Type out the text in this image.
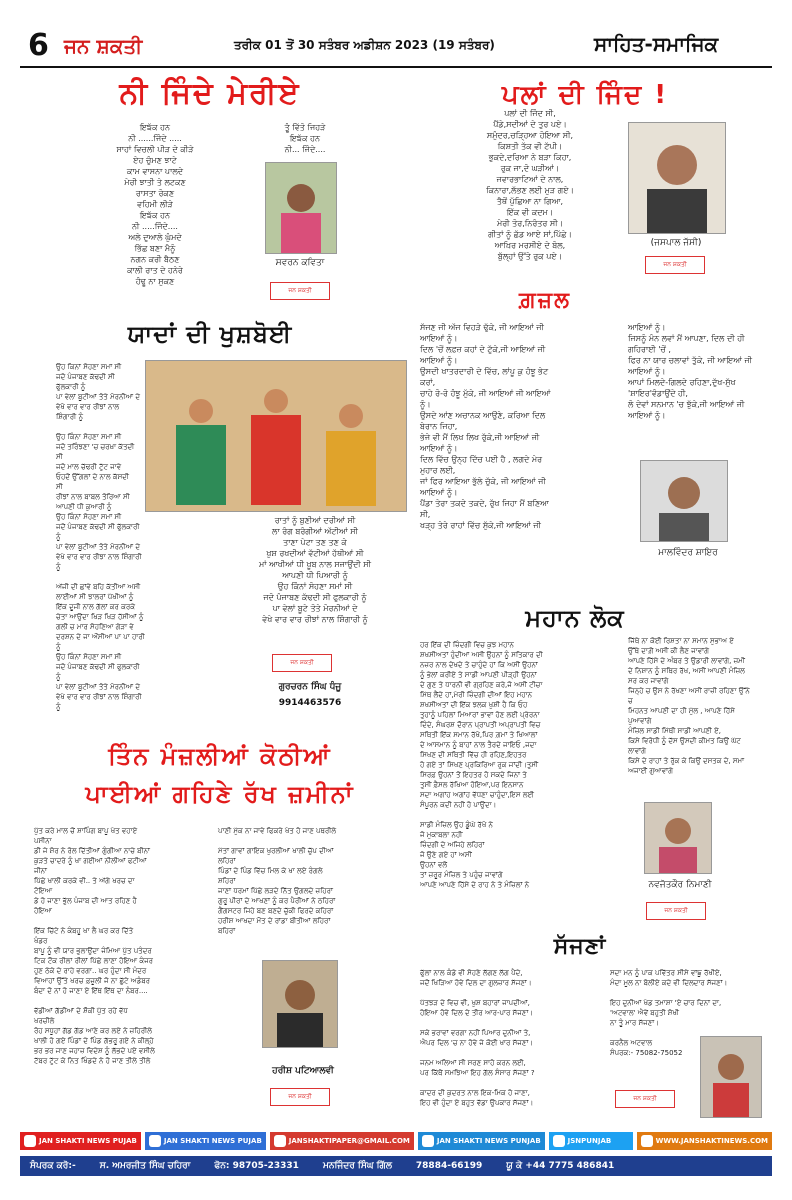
6 ਜਨ ਸ਼ਕਤੀ	ਤਰੀਕ 01 ਤੋਂ 30 ਸਤੰਬਰ ਅਡੀਸ਼ਨ 2023 (19 ਸਤੰਬਰ)	ਸਾਹਿਤ-ਸਮਾਜਿਕ
ਨੀ ਜਿੰਦੇ ਮੇਰੀਏ
ਇਙੱਕ ਹਨ
ਨੀ ......ਜਿੰਦੇ .....
ਸਾਹਾਂ ਵਿਚਲੀ ਪੀੜ ਦੇ ਕੀੜੇ
ਏਹ ਚੁੰਮਣ ਝਾਟੇ
ਕਾਮ ਵਾਸਨਾ ਪਾਲਦੇ
ਮੇਰੀ ਝਾਤੀ ਤੇ ਲਟਕਣ
ਰਾਸਤਾ ਰੋਕਣ
ਵਹਿਮੀ ਲੀੜੇ
ਇਙੱਕ ਹਨ
ਨੀ .....ਜਿੰਦੇ....
ਅਲੇ ਦੁਆਲੇ ਘੁੰਮਦੇ
ਭਿੱਛ ਬਣਾ ਮੈਨੂੰ
ਨਗਨ ਕਰੀ ਬੈਠਣ
ਕਾਲੀ ਰਾਤ ਦੇ ਹਨੇਰੇ
ਹੰਢੂ ਨਾ ਸੁਕਣ
ਤੂੰ ਵਿੱਤੋ ਜਿਹੜੇ
ਇਙੱਕ ਹਨ
ਨੀ... ਜਿੰਦੇ....
ਸਵਰਨ ਕਵਿਤਾ
ਜਨ ਸ਼ਕਤੀ
ਪਲਾਂ ਦੀ ਜਿੰਦ !
ਪਲਾਂ ਦੀ ਜਿੰਦ ਸੀ,
ਪੈਂਡੇ,ਸਦੀਆਂ ਦੇ ਤੁਰ ਪਏ।
ਸਮੁੰਦਰ,ਚੜ੍ਹਿਆ ਹੋਇਆ ਸੀ,
ਕਿਸ਼ਤੀ ਤੱਕ ਵੀ ਟੱਪੀ।
ਭੁਕਦੇ,ਦਰਿਆ ਨੇ ਬੜਾ ਕਿਹਾ,
ਰੁਕ ਜਾ,ਦੋ ਘੜੀਆਂ।
ਜਵਾਰਭਾਟਿਆਂ ਦੇ ਨਾਲ,
ਕਿਨਾਰਾ,ਲੱਭਣ ਲਈ ਮੁੜ ਗਏ।
ਤੈਥੋਂ ਪੁੱਛਿਆ ਨਾ ਗਿਆ,
ਇੱਕ ਵੀ ਕਦਮ।
ਮੇਰੀ ਤੋਰ,ਨਿਰੰਤਰ ਸੀ।
ਗੀਤਾਂ ਨੂੰ ਛੱਡ ਆਏ ਸਾਂ,ਪਿੱਛੇ।
ਆਖ਼ਿਰ ਮਰਸੀਏ ਦੇ ਬੋਲ,
ਬੁੱਲ੍ਹਾਂ ਉੱਤੇ ਰੁਕ ਪਏ।
(ਜਸਪਾਲ ਜੱਸੀ)
ਜਨ ਸ਼ਕਤੀ
ਗ਼ਜ਼ਲ
ਸੱਜਣ ਜੀ ਅੱਜ ਵਿਹੜੇ ਢੁੱਕੇ, ਜੀ ਆਇਆਂ ਜੀ
ਆਇਆਂ ਨੂੰ।
ਦਿਲ 'ਚੋਂ ਲਫ਼ਜ਼ ਕਹਾਂ ਦੇ ਟੁੱਕੇ,ਜੀ ਆਇਆਂ ਜੀ
ਆਇਆਂ ਨੂੰ।
ਉਸਦੀ ਖਾਤਰਦਾਰੀ ਦੇ ਵਿੱਚ, ਲਾਂਪੂ ਕੁ ਹੰਝੂ ਭੇਟ
ਕਰਾਂ,
ਚਾਹੇ ਰੋ-ਰੋ ਹੰਝੂ ਮੁੱਕੇ, ਜੀ ਆਇਆਂ ਜੀ ਆਇਆਂ
ਨੂੰ।
ਉਸਦੇ ਆਂਣ ਅਚਾਨਕ ਆਉਣੇ, ਕਰਿਆ ਦਿਲ
ਬੇਰਾਨ ਜਿਹਾ,
ਭੇਜੇ ਵੀ ਮੈਂ ਲਿਖ ਲਿਖ ਰੁੱਕੇ,ਜੀ ਆਇਆਂ ਜੀ
ਆਇਆਂ ਨੂੰ।
ਦਿਲ ਵਿੱਚ ਉਨ੍ਹ ਦਿੱਚ ਪਈ ਹੈ , ਲਗਦੇ ਮੇਰ
ਮੁਹਾਰ ਲਈ,
ਜਾਂ ਫਿਰ ਆਇਆ ਭੁੱਲੇ ਚੁੱਕੇ, ਜੀ ਆਇਆਂ ਜੀ
ਆਇਆਂ ਨੂੰ।
ਪੈਂਡਾ ਤੇਰਾ ਤਕਦੇ ਤਕਦੇ, ਰੁੱਖ ਜਿਹਾ ਮੈਂ ਬਣਿਆ
ਸੀ,
ਖੜ੍ਹ ਤੇਰੇ ਰਾਹਾਂ ਵਿੱਚ ਸੁੱਕੇ,ਜੀ ਆਇਆਂ ਜੀ
ਆਇਆਂ ਨੂੰ।
ਜਿਸਨੂੰ ਮੰਨ ਲਵਾਂ ਮੈਂ ਆਪਣਾ, ਦਿਲ ਦੀ ਹੀ
ਗਹਿਰਾਈ 'ਚੋਂ ,
ਫਿਰ ਨਾ ਯਾਰ ਚਲਾਵਾਂ ਤੁੱਕੇ, ਜੀ ਆਇਆਂ ਜੀ
ਆਇਆਂ ਨੂੰ।
ਆਪਾਂ ਮਿਲਦੇ-ਗਿਲਦੇ ਰਹਿਣਾ,ਦੁੱਖ-ਸੁੱਖ
'ਸ਼ਾਇਰ'ਵੰਡਾਉਂਦੇ ਹੀ,
ਲੋ ਦੇਵਾਂ ਸਨਮਾਨ 'ਚ ਝੁੱਕੇ,ਜੀ ਆਇਆਂ ਜੀ
ਆਇਆਂ ਨੂੰ।
ਮਾਲਵਿੰਦਰ ਸ਼ਾਇਰ
ਯਾਦਾਂ ਦੀ ਖੁਸ਼ਬੋਈ
ਉਹ ਕਿਨਾਂ ਸੋਹਣਾ ਸਮਾਂ ਸੀ
ਜਦੋ ਪੰਜਾਬਣ ਕੱਢਦੀ ਸੀ
ਫੁੱਲਕਾਰੀ ਨੂੰ
ਪਾ ਵੇਲਾਂ ਬੂਟੀਆਂ ਤੋਤੇ ਮੋਰਨੀਆਂ ਦੇ
ਵੇਖੋ ਵਾਰ ਵਾਰ ਰੀਝਾਂ ਨਾਲ
ਸ਼ਿੰਗਾਰੀ ਨੂੰ

ਉਹ ਕਿੰਨਾ ਸੋਹਣਾ ਸਮਾਂ ਸੀ
ਜਦੋ ਤਰਿੰਝਣਾ 'ਚ ਚਰਖ਼ਾ ਕੱਤਦੀ
ਸੀ
ਜਦੋ ਮਾਲ ਚੱਢਰੀ ਟੁੱਟ ਜਾਵੇ
ਓਹਦੋਂ ਉੱਗਲਾਂ ਦੇ ਨਾਲ ਕੱਸਦੀ
ਸੀ
ਰੀਝਾਂ ਨਾਲ ਬਾਬਲ ਤੋਰਿਆ ਸੀ
ਆਪਣੀ ਧੀ ਕੁਆਰੀ ਨੂੰ
ਉਹ ਕਿੰਨਾਂ ਸੋਹਣਾ ਸਮਾਂ ਸੀ
ਜਦੋਂ ਪੰਜਾਬਣ ਕੱਢਦੀ ਸੀ ਫੁੱਲਕਾਰੀ ਨੂੰ
ਪਾ ਵੇਲਾਂ ਬੂਟੀਆਂ ਤੋਤੇ ਮੋਰਨੀਆਂ ਦੇ
ਵੇਖੇ ਵਾਰ ਵਾਰ ਰੀਝਾ ਨਾਲ ਸ਼ਿੰਗਾਰੀ ਨੂੰ

ਅੱਜੀ ਦੀ ਛਾਂਵੇ ਬਹਿ ਕੱਤੀਆਂ ਅਸੀ
ਲਾਈਆਂ ਸੀ ਝਾਲਰਾਂ ਪੱਖੀਆਂ ਨੂੰ
ਇੱਕ ਦੂਜੀ ਨਾਲ ਗੱਲਾਂ ਕਰ ਕਰਕੇ
ਚੇਤਾ ਆਉਂਦਾ ਖਿੜ ਖਿੜ ਹੱਸੀਆਂ ਨੂੰ
ਗਲੀ ਚ ਮਾਰ ਸੋਹਣਿਆ ਗੇੜਾ ਵੇ
ਦਰਸ਼ਨ ਦੇ ਜਾ ਔਸੀਆਂ ਪਾ ਪਾ ਹਾਰੀ ਨੂੰ
ਉਹ ਕਿੰਨਾਂ ਸੋਹਣਾ ਸਮਾਂ ਸੀ
ਜਦੋ ਪੰਜਾਬਣ ਕੱਢਦੀ ਸੀ ਫੁਲਕਾਰੀ ਨੂੰ
ਪਾ ਵੇਲਾਂ ਬੂਟੀਆਂ ਤੋਤੇ ਮੋਰਨੀਆਂ ਦੇ
ਵੇਖੇ ਵਾਰ ਵਾਰ ਰੀਝਾਂ ਨਾਲ ਸ਼ਿੰਗਾਰੀ ਨੂੰ
ਰਾਤਾਂ ਨੂੰ ਬੁਣੀਆਂ ਦਰੀਆਂ ਸੀ
ਲਾ ਰੰਗ ਬਰੰਗੀਆਂ ਅੱਟੀਆਂ ਸੀ
ਤਾਣਾ ਪੇਟਾ ਤਣ ਤਣ ਕੇ
ਖੁਸ਼ ਰਖਦੀਆਂ ਵੱਟੀਆਂ ਹੱਥੀਆਂ ਸੀ
ਮਾਂ ਆਖੀਆਂ ਧੀ ਖੂਬ ਨਾਲ ਸਜਾਉਂਦੀ ਸੀ
ਆਪਣੀ ਧੀ ਪਿਆਰੀ ਨੂੰ
ਉਹ ਕਿੰਨਾਂ ਸੋਹਣਾ ਸਮਾਂ ਸੀ
ਜਦੋ ਪੰਜਾਬਣ ਕੱਢਦੀ ਸੀ ਫੁਲਕਾਰੀ ਨੂੰ
ਪਾ ਵੇਲਾਂ ਬੂਟੇ ਤੋਤੇ ਮੋਰਨੀਆਂ ਦੇ
ਵੇਖੇ ਵਾਰ ਵਾਰ ਰੀਝਾਂ ਨਾਲ ਸ਼ਿੰਗਾਰੀ ਨੂੰ
ਜਨ ਸ਼ਕਤੀ
ਗੁਰਚਰਨ ਸਿੰਘ ਧੰਜੂ
9914463576
ਤਿੰਨ ਮੰਜ਼ਲੀਆਂ ਕੋਠੀਆਂ
ਪਾਈਆਂ ਗਹਿਣੇ ਰੱਖ ਜ਼ਮੀਨਾਂ
ਪੁੱਤ ਕਰੇ ਮਾਲ ਚੋਂ ਸ਼ਾਪਿੰਗ ਬਾਪੂ ਖੇਤ ਵਹਾਏ
ਪਸੀਨਾ
ਡੀ ਜੇ ਸ਼ੋਰ ਨੇ ਰੋਲ ਦਿੱਤੀਆਂ ਗੁੰਗੀਆ ਨਾਚੇ ਬੀਨਾਂ
ਕੁੜਤੇ ਚਾਦਰੇ ਨੂੰ ਖਾ ਗਈਆਂ ਨੀਲੀਆਂ ਫਟੀਆਂ
ਜੀਨਾਂ
ਪਿੱਛੇ ਖਾਲੀ ਕਰਕੇ ਵੀ.. ਤੇ ਅੱਗੇ ਖਰਚ ਦਾ
ਟੋਇਆ
ਡੇ ਹੋ ਜਾਣਾ ਭੁੱਲ ਪੰਜਾਬ ਦੀ ਆਤ ਰਹਿਣ ਹੈ
ਹੋਇਆ

ਇੱਕ ਚਿੱਟੇ ਨੇ ਕੰਬਹੂ ਖਾ ਲੈ ਘਰ ਕਰ ਦਿੱਤੇ
ਖੰਡਰ
ਬਾਪੂ ਨੂੰ ਵੀ ਯਾਰ ਭੁਲਾਉਂਦਾ ਜੰਮਿਆ ਪੁੱਤ ਪਤੰਦਰ
ਟਿਕ ਟੌਕ ਰੀਲਾਂ ਰੀਲਾਂ ਪਿੱਛੇ ਲਾਣਾ ਹੋਇਆ ਕੰਜਰ
ਹੁਣ ਠੇਕੇ ਦੇ ਰਾਹੇ ਵਰਗਾ.. ਘਰ ਹੁੰਦਾ ਸੀ ਮੰਦਰ
ਵਿਆਹਾਂ ਉੱਤੇ ਖਰਚ ਫ਼ਜ਼ੂਲੀ ਜੋ ਨਾ ਛੁੱਟੇ ਅਡੰਬਰ
ਬੰਦਾ ਦੋ ਨਾਂ ਹੋ ਜਾਣਾ ਏ ਇੱਥ ਇੱਥ ਦਾ ਨੰਬਰ....

ਵੱਡੀਆਂ ਗੱਡੀਆਂ ਦੇ ਸ਼ੌਕੀ ਪੁੱਤ ਰਹੇਂ ਵੱਧ
ਖਰਚੀਲੇ
ਰੋਹ ਸਧੂਹਾਂ ਗੱਡ ਗੱਡ ਆਣੇ ਕਰ ਲਏ ਨੇ ਜ਼ਹਿਰੀਲੇ
ਖਾਲੀ ਹੋ ਗਏ ਪਿੰਡਾਂ ਦੇ ਪਿੰਡ ਗੱਭਰੂ ਗਏ ਨੇ ਕੀਲ੍ਹੇ
ਭਰ ਭਰ ਜਾਣ ਜਹਾਜ਼ ਵਿਦੇਸ਼ ਨੂੰ ਲੱਭਦੇ ਪਏ ਵਸੀਲੇ
ਟੱਬਰ ਟੁੱਟ ਕੇ ਨਿਤ ਖਿੰਡਦੇ ਨੇ ਹੋ ਜਾਣ ਤੀਲੇ ਤੀਲੇ
ਪਾਣੀ ਮੁੱਕ ਨਾ ਜਾਵੇ ਫਿਕਰੇ ਖੇਤ ਹੋ ਜਾਣ ਪਥਰੀਲੇ

ਮੱਤਾਂ ਗਾਵਾਂ ਗਾਇਕ ਖੁਰਲੀਆਂ ਖਾਲੀ ਚੁੱਪ ਦੀਆਂ
ਲਹਿਰਾਂ
ਪਿੰਡਾਂ ਦੇ ਪਿੰਡ ਵਿੱਚ ਮਿਲ ਕੇ ਖਾ ਲਏ ਰੰਗਲੇ
ਸ਼ਹਿਰਾਂ
ਜਾਣਾਂ ਧਰਮਾਂ ਪਿੱਛੇ ਲੜਦੇ ਨਿੱਤ ਉਗਲਦੇ ਜ਼ਹਿਰਾਂ
ਗੁਰੂ ਪੀਰਾਂ ਦੇ ਆਖਣਾਂ ਨੂੰ ਕਰ ਪੈਰੀਆਂ ਨੇ ਠਹਿਰਾਂ
ਗੈਂਗਸਟਰ ਜਿਹੇ ਬਣ ਬਣਦੇ ਚੁੱਕੀ ਫਿਰਦੇ ਕਹਿਰਾਂ
ਹਰੀਸ਼ ਆਖਦਾ ਮੌਤ ਦੇ ਰਾਂਡਾ ਬੀਤੀਆਂ ਲਹਿਰਾਂ
ਬਹਿਰਾਂ
ਹਰੀਸ਼ ਪਟਿਆਲਵੀ
ਜਨ ਸ਼ਕਤੀ
ਮਹਾਨ ਲੋਕ
ਹਰ ਇੱਕ ਦੀ ਜ਼ਿੰਦਗੀ ਵਿਚ ਕੁਝ ਮਹਾਨ
ਸ਼ਖਸੀਅਤਾਂ ਹੁੰਦੀਆਂ ਅਸੀਂ ਉਹਨਾਂ ਨੂੰ ਸਤਿਕਾਰ ਦੀ
ਨਜ਼ਰ ਨਾਲ ਦੇਖਦੇ ਤੇ ਚਾਹੁੰਦੇ ਹਾਂ ਕਿ ਅਸੀਂ ਉਹਨਾਂ
ਨੂੰ ਭੇਲਾਂ ਕਰੀਏ ਤੇ ਸਾਡੀ ਆਪਣੀ ਪੀੜ੍ਹੀ ਉਹਨਾਂ
ਦੇ ਗੁਣ ਤੇ ਧਾਰਨੀ ਵੀ ਗ੍ਰਹਿਣ ਕਰੇ,ਜੋ ਅਸੀਂ ਟੀਚਾ
ਮਿੱਥ ਲੈਂਦੇ ਹਾਂ,ਮੇਰੀ ਜ਼ਿੰਦਗੀ ਦੀਆਂ ਇਹ ਮਹਾਨ
ਸ਼ਖਸੀਅਤਾਂ ਦੀ ਇੱਕ ਝਲਕ ਖੁਸ਼ੀ ਹੈ ਕਿ ਓਹ
ਤੁਹਾਨੂੰ ਪਹਿਲਾਂ ਮਿਆਰਾਂ ਭਾਵਾਂ ਹੋਣ ਲਈ ਪ੍ਰੇਰਨਾ
ਦਿੰਦੇ, ਸੰਘਰਸ਼ ਦੌਰਾਨ ਪ੍ਰਾਪਤੀ ਅਪ੍ਰਾਪਤੀ ਵਿਚ
ਸਥਿਤੀ ਇੱਕ ਸਮਾਨ ਰੱਖੋ,ਪਿਰ ਗ਼ਮਾਂ ਤੇ ਖਿਆਲਾਂ
ਦੇ ਆਸਮਾਨ ਨੂੰ ਬਾਹਾਂ ਨਾਲ ਤੈਰਦੇ ਜਾਇਓ ,ਜਦਾ
ਸਿਖਣ ਦੀ ਸਥਿਤੀ ਵਿੱਚ ਹੀ ਰਹਿਣ,ਇਹਤਰ
ਹੋ ਗਏ ਤਾਂ ਸਿਖਣ ਪ੍ਰਕਿਰਿਆ ਰੁਕ ਜਾਂਦੀ।ਤੁਸੀਂ
ਸਿਰਫ਼ ਉਹਨਾਂ ਤੋਂ ਇਹਤਰ ਹੋ ਸਕਦੇ ਜਿਨਾਂ ਤੇ
ਤੁਸੀਂ ਫ਼ੈਸਲ ਰੱਖਿਆ ਹੋਇਆ,ਪਰ ਇਨਸਾਨ
ਸਦਾ ਅਗਾਂਹ ਅਗਾਂਹ ਵੱਧਣਾ ਚਾਹੁੰਦਾ,ਇਸ ਲਈ
ਸੰਪੂਰਨ ਕਦੀ ਨਹੀਂ ਹੋ ਪਾਉਂਦਾ।

ਸਾਡੀ ਮੰਜ਼ਿਲ ਉਹ ਡੂੰਘੇ ਰੱਖੋ ਨੇ
ਜੋ ਮੁਕਾਬਲਾ ਨਹੀਂ
ਜ਼ਿੰਦਗੀ ਦੇ ਅਜਿਹੇ ਲਹਿਰਾਂ
ਜੋ ਉਣੇ ਗਏ ਹਾਂ ਅਸੀਂ
ਉਹਨਾਂ ਵਲੋਂ
ਤਾਂ ਜ਼ਰੂਰ ਮੰਜ਼ਿਲ ਤੇ ਪਹੁੰਚ ਜਾਵਾਂਗੇ
ਆਪਣੇ ਆਪਣੇ ਹਿੱਸੇ ਦੇ ਰਾਹ ਨੇ ਤੇ ਮੰਜ਼ਿਲਾਂ ਨੇ
ਜਿੱਥੇ ਨਾ ਕੋਈ ਰਿਸ਼ਤਾ ਨਾ ਸਮਾਨ ਸੁਭਾਅ ਏ
ਉੱਥੇ ਦਾਗ਼ੋਂ ਅਸੀਂ ਕੀ ਲੈਣ ਜਾਵਾਂਗੇ
ਆਪਣੇ ਹਿੱਸੇ ਦੇ ਅੰਬਰ ਤੇ ਉਡਾਰੀ ਲਾਵਾਂਗੇ, ਜ਼ਮੀਂ
ਦੇ ਨਿਸ਼ਾਨ ਨੂੰ ਸਥਿਰ ਰੱਖ, ਅਸੀਂ ਆਪਣੀ ਮੰਜ਼ਿਲ
ਸਰ ਕਰ ਜਾਵਾਂਗੇ
ਜਿਨ੍ਹੇ ਚ ਉਸ ਨੇ ਰੱਖਣਾ ਅਸੀਂ ਰਾਜ਼ੀ ਰਹਿਣਾ ਉੱਨੇ
ਚ
ਮਿਹਨਤ ਆਪਣੀ ਦਾ ਹੀ ਮੁੱਲ , ਆਪਣੇ ਹਿੱਸੇ
ਪੁਆਵਾਂਗੇ
ਮੰਜ਼ਿਲ ਸਾਡੀ ਮਿੱਥੀ ਸਾਡੀ ਆਪਣੀ ਏ,
ਕਿਸੇ ਵਿਰੋਧੀ ਨੂੰ ਦੱਸ ਉਸਦੀ ਕੀਮਤ ਕਿਉਂ ਘੱਟ
ਲਾਵਾਂਗੇ
ਕਿਸੇ ਦੇ ਰਾਹਾਂ ਤੇ ਰੁੱਕ ਕੇ ਕਿਉਂ ਦਸਤਕ ਦੇ, ਸਮਾਂ
ਅਜਾਈਂ ਗੁਆਵਾਂਗੇ
ਨਵਜੋਤਕੌਰ ਨਿਮਾਣੀ
ਜਨ ਸ਼ਕਤੀ
ਸੱਜਣਾਂ
ਫੁੱਲਾਂ ਨਾਲ ਕੰਡੇ ਵੀ ਸੋਹਣੇ ਲੱਗਣ ਲੱਗ ਪੈਂਦੇ,
ਜਦੋਂ ਖਿੜਿਆ ਹੋਵੇ ਦਿਲ ਦਾ ਗੁਲਜ਼ਾਰ ਸੱਜਣਾਂ।

ਪੱਤਝੜ ਦੇ ਵਿਚ ਵੀ, ਖੁਸ਼ ਬਹਾਰਾਂ ਜਾਪਦੀਆਂ,
ਹੋਇਆ ਹੋਵੇ ਦਿਲ ਦੇ ਤੀਰ ਆਰ-ਪਾਰ ਸੱਜਣਾਂ।

ਸਕੇ ਭਰਾਵਾਂ ਵਰਗਾ ਨਹੀਂ ਪਿਆਰ ਦੁਨੀਆਂ ਤੇ,
ਐਪਰ ਦਿਲ 'ਚ ਨਾ ਹੋਵੇ ਜੇ ਕੋਈ ਖਾਰ ਸੱਜਣਾਂ।

ਜਨਮ ਅਲਿਆਂ ਸੀ ਸਰਣ ਸਾਹੋ ਕਰਨ ਲਈ,
ਪਰ ਕਿੱਥੋਂ ਸਮਝਿਆ ਇਹ ਗੱਲ ਸੰਸਾਰ ਸੱਜਣਾਂ ?

ਕਾਦਰ ਦੀ ਕੁਦਰਤ ਨਾਲ ਇਕ-ਮਿਕ ਹੋ ਜਾਣਾ,
ਇਹ ਵੀ ਹੁੰਦਾ ਏ ਬਹੁਤ ਵੱਡਾ ਉਪਕਾਰ ਸੱਜਣਾਂ।
ਸਦਾ ਮਨ ਨੂੰ ਪਾਕ ਪਵਿੱਤਰ ਸੀਸੇ ਵਾਂਙੂ ਰੱਖੀਏ,
ਮੰਦਾ ਮੂਲ ਨਾ ਬੋਲੀਏ ਕਦੇ ਵੀ ਦਿਲਦਾਰ ਸੱਜਣਾਂ।

ਇਹ ਦੁਨੀਆਂ ਖੇਡ ਤਮਾਸ਼ਾ 'ਏ ਚਾਰ ਦਿਨਾਂ ਦਾ,
'ਅਟਵਾਲ' ਐਵੇਂ ਬਹੁਤੀ ਸ਼ੋਖੀ
ਨਾ ਤੂੰ ਮਾਰ ਸੱਜਣਾਂ।

ਕਰਨੈਲ ਅਟਵਾਲ
ਸੰਪਰਕ:- 75082-75052
ਜਨ ਸ਼ਕਤੀ
JAN SHAKTI NEWS PUJAB	JAN SHAKTI NEWS PUJAB	JANSHAKTIPAPER@GMAIL.COM	JAN SHAKTI NEWS PUNJAB	JSNPUNJAB	WWW.JANSHAKTINEWS.COM
ਸੰਪਰਕ ਕਰੋ:-	ਸ. ਅਮਰਜੀਤ ਸਿੰਘ ਚਹਿਰਾ	ਫੋਨ: 98705-23331	ਮਨਜਿੰਦਰ ਸਿੰਘ ਗਿੱਲ	78884-66199	ਯੂ ਕੇ +44 7775 486841
